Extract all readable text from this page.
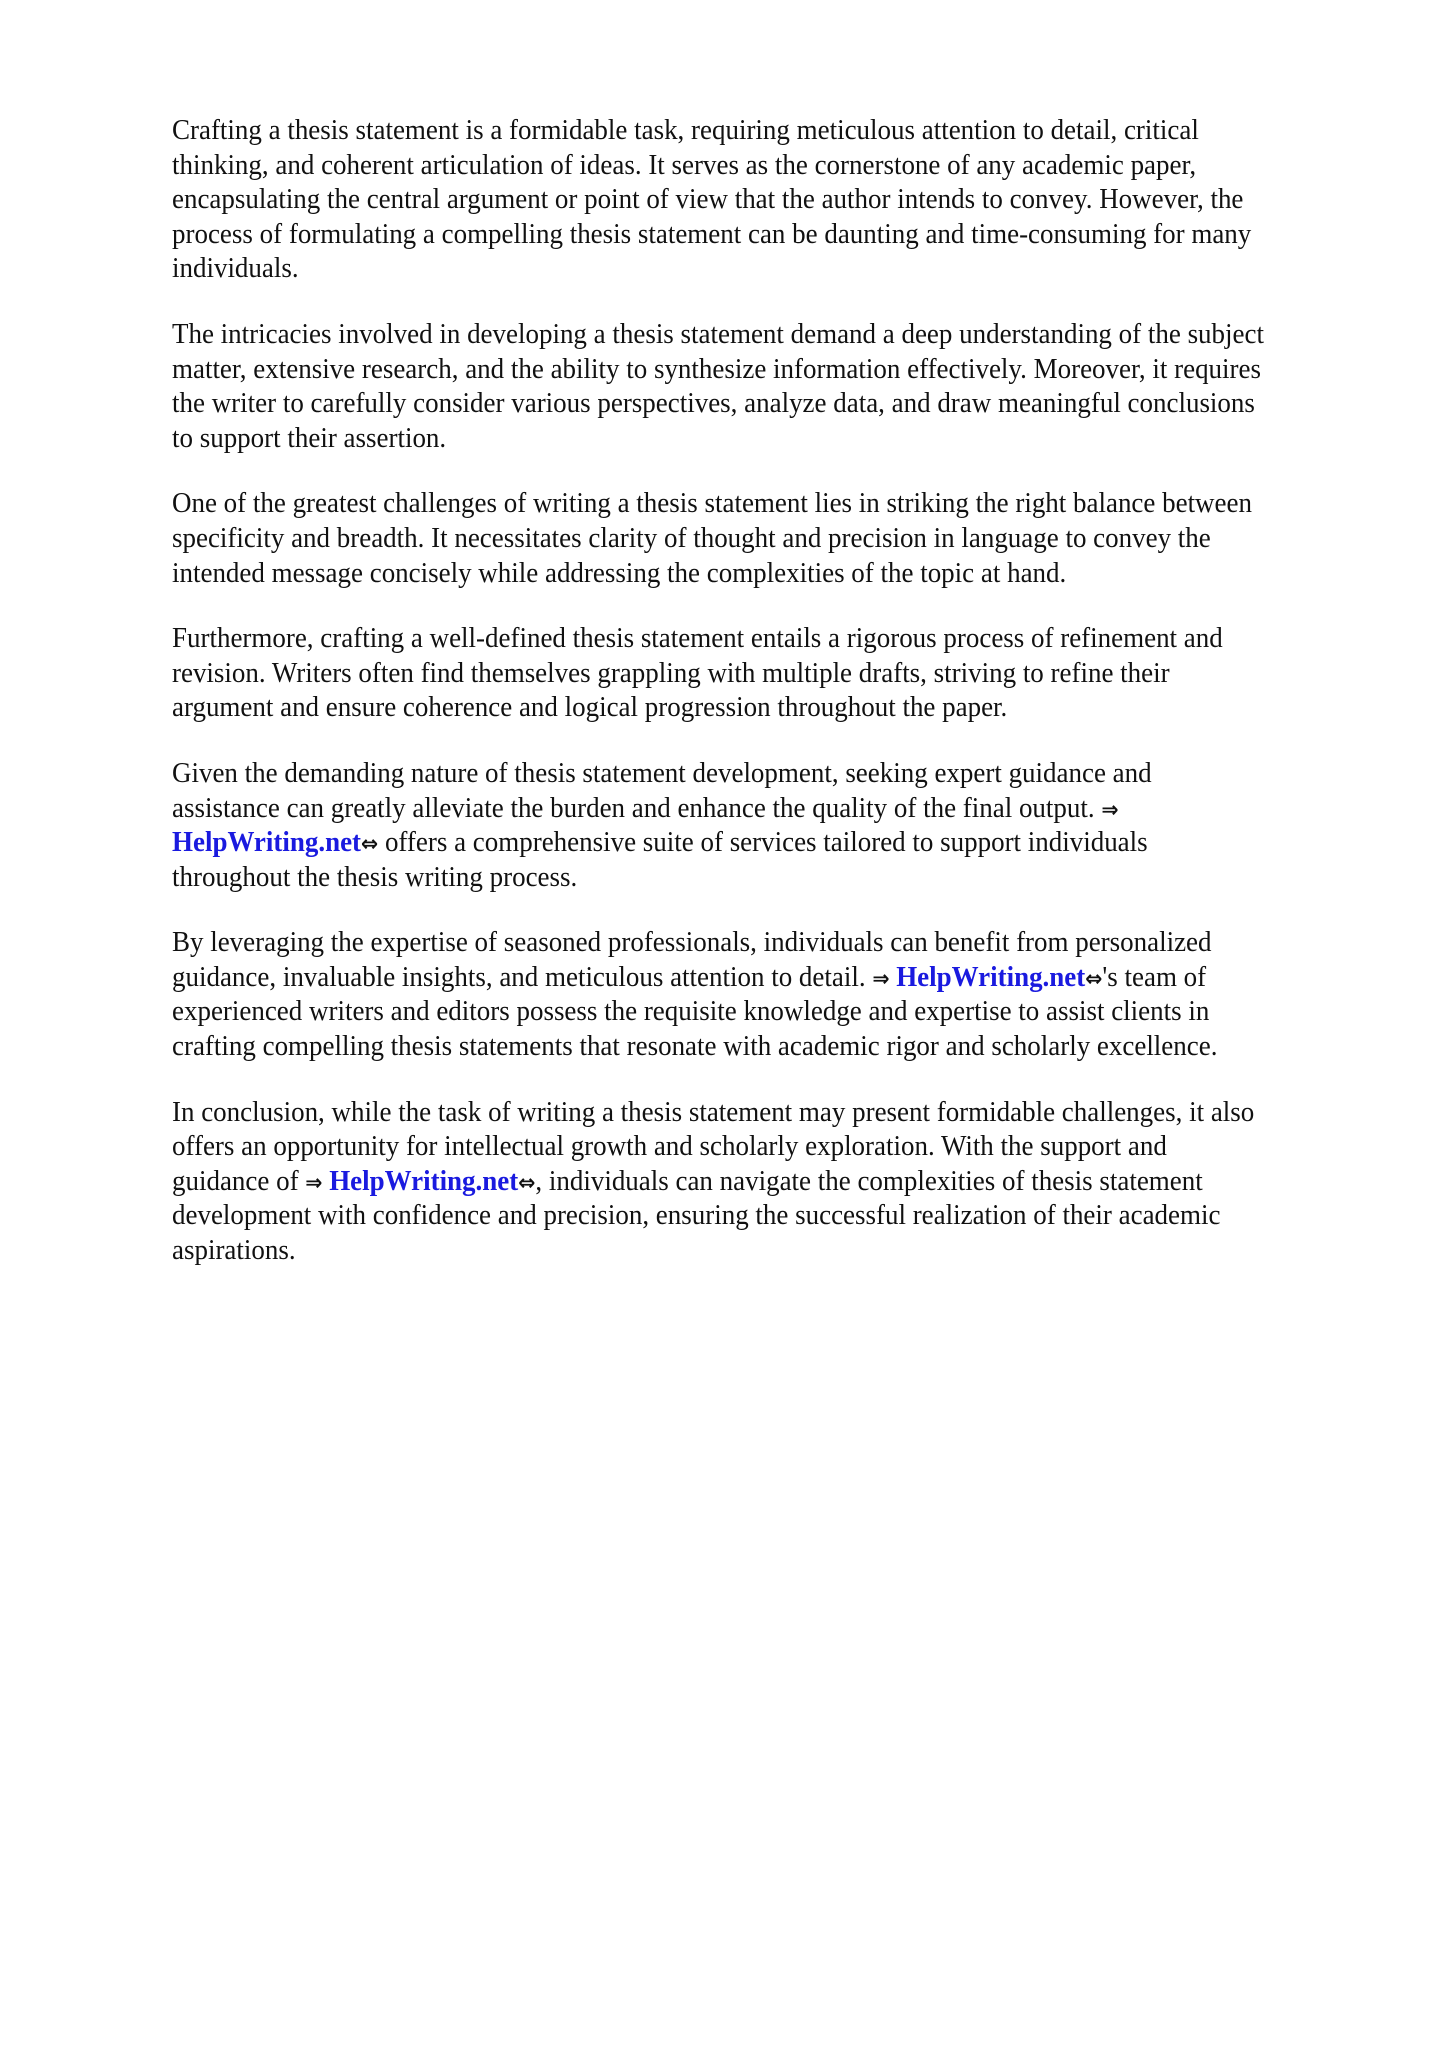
Crafting a thesis statement is a formidable task, requiring meticulous attention to detail, critical
thinking, and coherent articulation of ideas. It serves as the cornerstone of any academic paper,
encapsulating the central argument or point of view that the author intends to convey. However, the
process of formulating a compelling thesis statement can be daunting and time-consuming for many
individuals.
The intricacies involved in developing a thesis statement demand a deep understanding of the subject
matter, extensive research, and the ability to synthesize information effectively. Moreover, it requires
the writer to carefully consider various perspectives, analyze data, and draw meaningful conclusions
to support their assertion.
One of the greatest challenges of writing a thesis statement lies in striking the right balance between
specificity and breadth. It necessitates clarity of thought and precision in language to convey the
intended message concisely while addressing the complexities of the topic at hand.
Furthermore, crafting a well-defined thesis statement entails a rigorous process of refinement and
revision. Writers often find themselves grappling with multiple drafts, striving to refine their
argument and ensure coherence and logical progression throughout the paper.
Given the demanding nature of thesis statement development, seeking expert guidance and
assistance can greatly alleviate the burden and enhance the quality of the final output. ⇒
HelpWriting.net⇔ offers a comprehensive suite of services tailored to support individuals
throughout the thesis writing process.
By leveraging the expertise of seasoned professionals, individuals can benefit from personalized
guidance, invaluable insights, and meticulous attention to detail. ⇒ HelpWriting.net⇔'s team of
experienced writers and editors possess the requisite knowledge and expertise to assist clients in
crafting compelling thesis statements that resonate with academic rigor and scholarly excellence.
In conclusion, while the task of writing a thesis statement may present formidable challenges, it also
offers an opportunity for intellectual growth and scholarly exploration. With the support and
guidance of ⇒ HelpWriting.net⇔, individuals can navigate the complexities of thesis statement
development with confidence and precision, ensuring the successful realization of their academic
aspirations.
